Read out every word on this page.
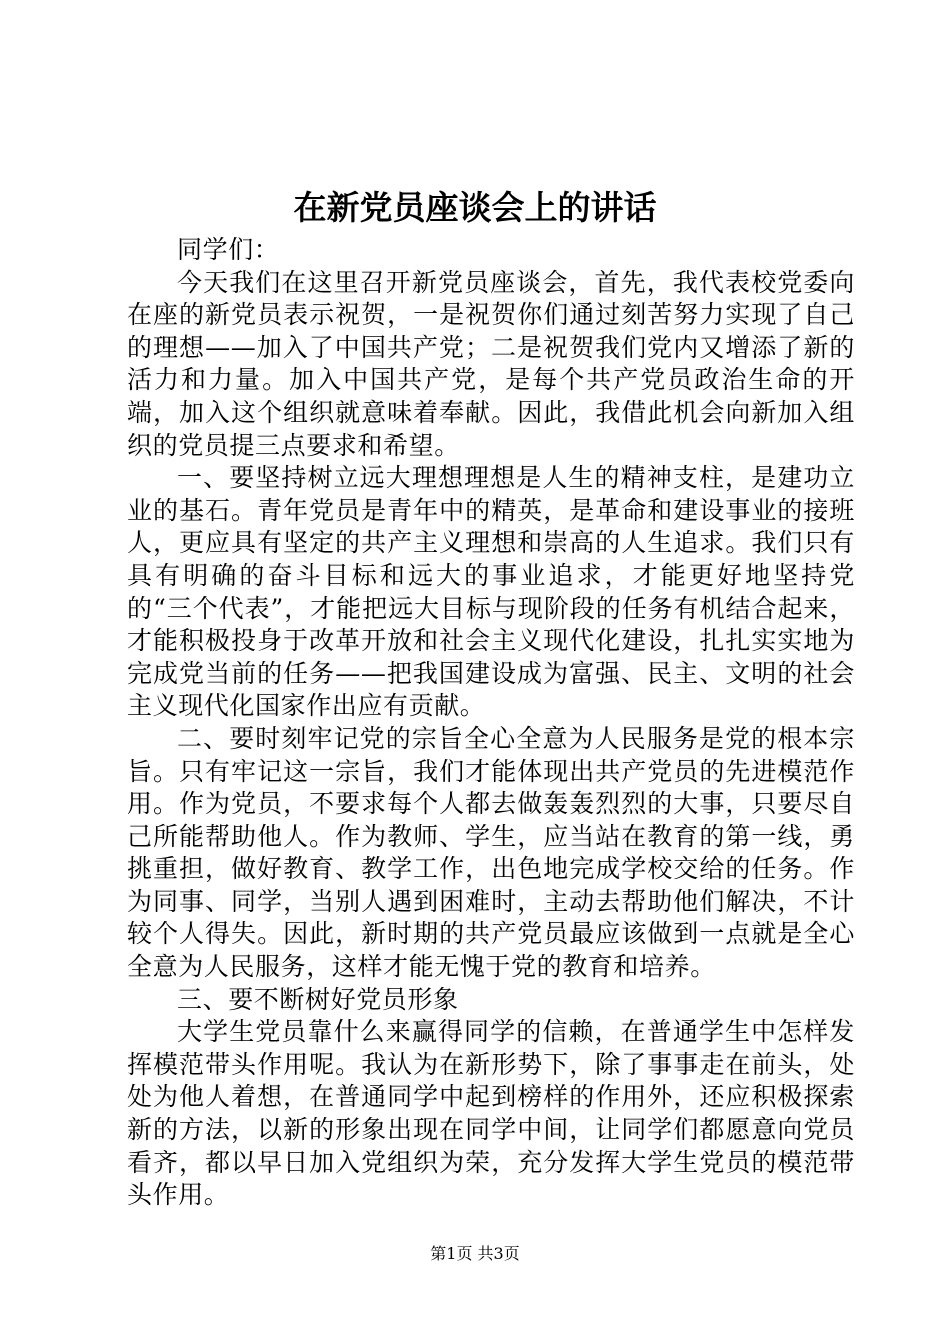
在新党员座谈会上的讲话

同学们：

今天我们在这里召开新党员座谈会，首先，我代表校党委向在座的新党员表示祝贺，一是祝贺你们通过刻苦努力实现了自己的理想——加入了中国共产党；二是祝贺我们党内又增添了新的活力和力量。加入中国共产党，是每个共产党员政治生命的开端，加入这个组织就意味着奉献。因此，我借此机会向新加入组织的党员提三点要求和希望。

一、要坚持树立远大理想理想是人生的精神支柱，是建功立业的基石。青年党员是青年中的精英，是革命和建设事业的接班人，更应具有坚定的共产主义理想和崇高的人生追求。我们只有具有明确的奋斗目标和远大的事业追求，才能更好地坚持党的“三个代表”，才能把远大目标与现阶段的任务有机结合起来，才能积极投身于改革开放和社会主义现代化建设，扎扎实实地为完成党当前的任务——把我国建设成为富强、民主、文明的社会主义现代化国家作出应有贡献。

二、要时刻牢记党的宗旨全心全意为人民服务是党的根本宗旨。只有牢记这一宗旨，我们才能体现出共产党员的先进模范作用。作为党员，不要求每个人都去做轰轰烈烈的大事，只要尽自己所能帮助他人。作为教师、学生，应当站在教育的第一线，勇挑重担，做好教育、教学工作，出色地完成学校交给的任务。作为同事、同学，当别人遇到困难时，主动去帮助他们解决，不计较个人得失。因此，新时期的共产党员最应该做到一点就是全心全意为人民服务，这样才能无愧于党的教育和培养。

三、要不断树好党员形象

大学生党员靠什么来赢得同学的信赖，在普通学生中怎样发挥模范带头作用呢。我认为在新形势下，除了事事走在前头，处处为他人着想，在普通同学中起到榜样的作用外，还应积极探索新的方法，以新的形象出现在同学中间，让同学们都愿意向党员看齐，都以早日加入党组织为荣，充分发挥大学生党员的模范带头作用。

第1页 共3页
